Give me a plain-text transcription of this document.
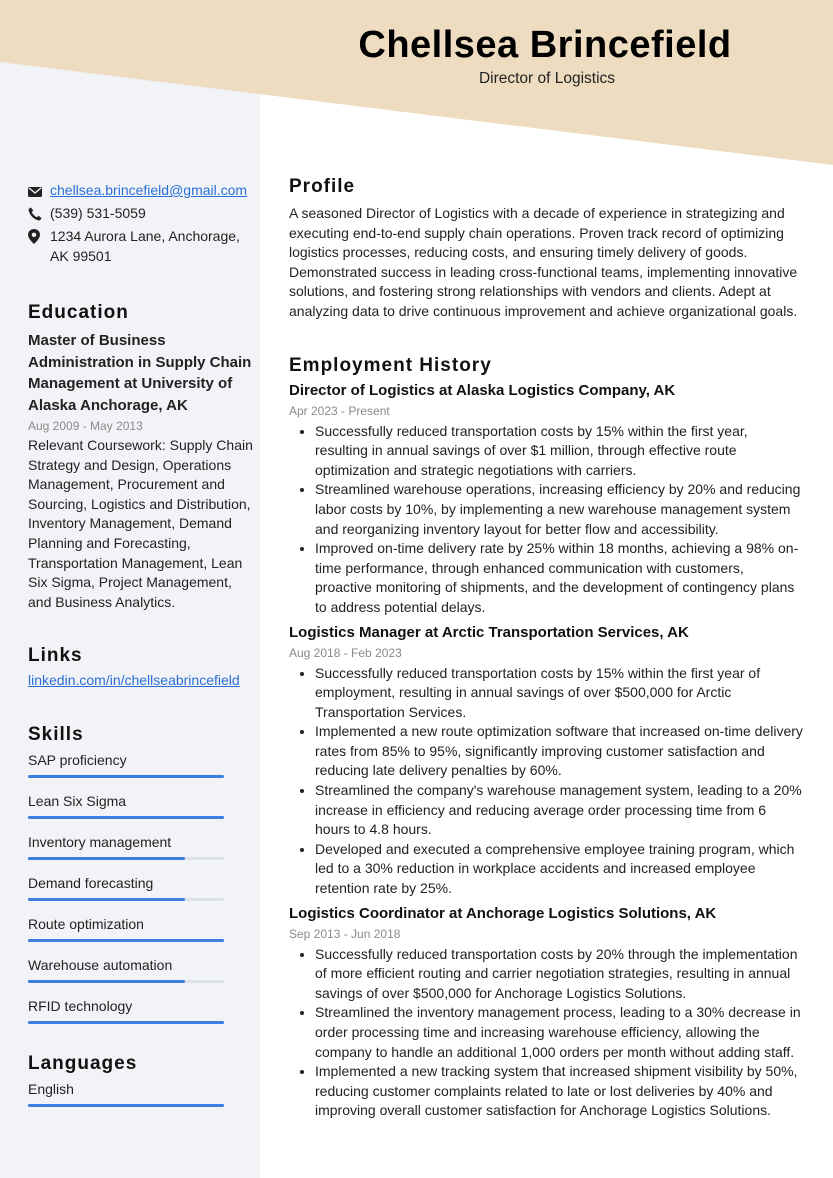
Chellsea Brincefield
Director of Logistics
chellsea.brincefield@gmail.com
(539) 531-5059
1234 Aurora Lane, Anchorage,
AK 99501
Education
Master of Business Administration in Supply Chain Management at University of Alaska Anchorage, AK
Aug 2009 - May 2013
Relevant Coursework: Supply Chain Strategy and Design, Operations Management, Procurement and Sourcing, Logistics and Distribution, Inventory Management, Demand Planning and Forecasting, Transportation Management, Lean Six Sigma, Project Management, and Business Analytics.
Links
linkedin.com/in/chellseabrincefield
Skills
SAP proficiency
Lean Six Sigma
Inventory management
Demand forecasting
Route optimization
Warehouse automation
RFID technology
Languages
English
Profile

A seasoned Director of Logistics with a decade of experience in strategizing and executing end-to-end supply chain operations. Proven track record of optimizing logistics processes, reducing costs, and ensuring timely delivery of goods. Demonstrated success in leading cross-functional teams, implementing innovative solutions, and fostering strong relationships with vendors and clients. Adept at analyzing data to drive continuous improvement and achieve organizational goals.

Employment History
Director of Logistics at Alaska Logistics Company, AK
Apr 2023 - Present
• Successfully reduced transportation costs by 15% within the first year, resulting in annual savings of over $1 million, through effective route optimization and strategic negotiations with carriers.
• Streamlined warehouse operations, increasing efficiency by 20% and reducing labor costs by 10%, by implementing a new warehouse management system and reorganizing inventory layout for better flow and accessibility.
• Improved on-time delivery rate by 25% within 18 months, achieving a 98% on-time performance, through enhanced communication with customers, proactive monitoring of shipments, and the development of contingency plans to address potential delays.
Logistics Manager at Arctic Transportation Services, AK
Aug 2018 - Feb 2023
• Successfully reduced transportation costs by 15% within the first year of employment, resulting in annual savings of over $500,000 for Arctic Transportation Services.
• Implemented a new route optimization software that increased on-time delivery rates from 85% to 95%, significantly improving customer satisfaction and reducing late delivery penalties by 60%.
• Streamlined the company's warehouse management system, leading to a 20% increase in efficiency and reducing average order processing time from 6 hours to 4.8 hours.
• Developed and executed a comprehensive employee training program, which led to a 30% reduction in workplace accidents and increased employee retention rate by 25%.
Logistics Coordinator at Anchorage Logistics Solutions, AK
Sep 2013 - Jun 2018
• Successfully reduced transportation costs by 20% through the implementation of more efficient routing and carrier negotiation strategies, resulting in annual savings of over $500,000 for Anchorage Logistics Solutions.
• Streamlined the inventory management process, leading to a 30% decrease in order processing time and increasing warehouse efficiency, allowing the company to handle an additional 1,000 orders per month without adding staff.
• Implemented a new tracking system that increased shipment visibility by 50%, reducing customer complaints related to late or lost deliveries by 40% and improving overall customer satisfaction for Anchorage Logistics Solutions.
